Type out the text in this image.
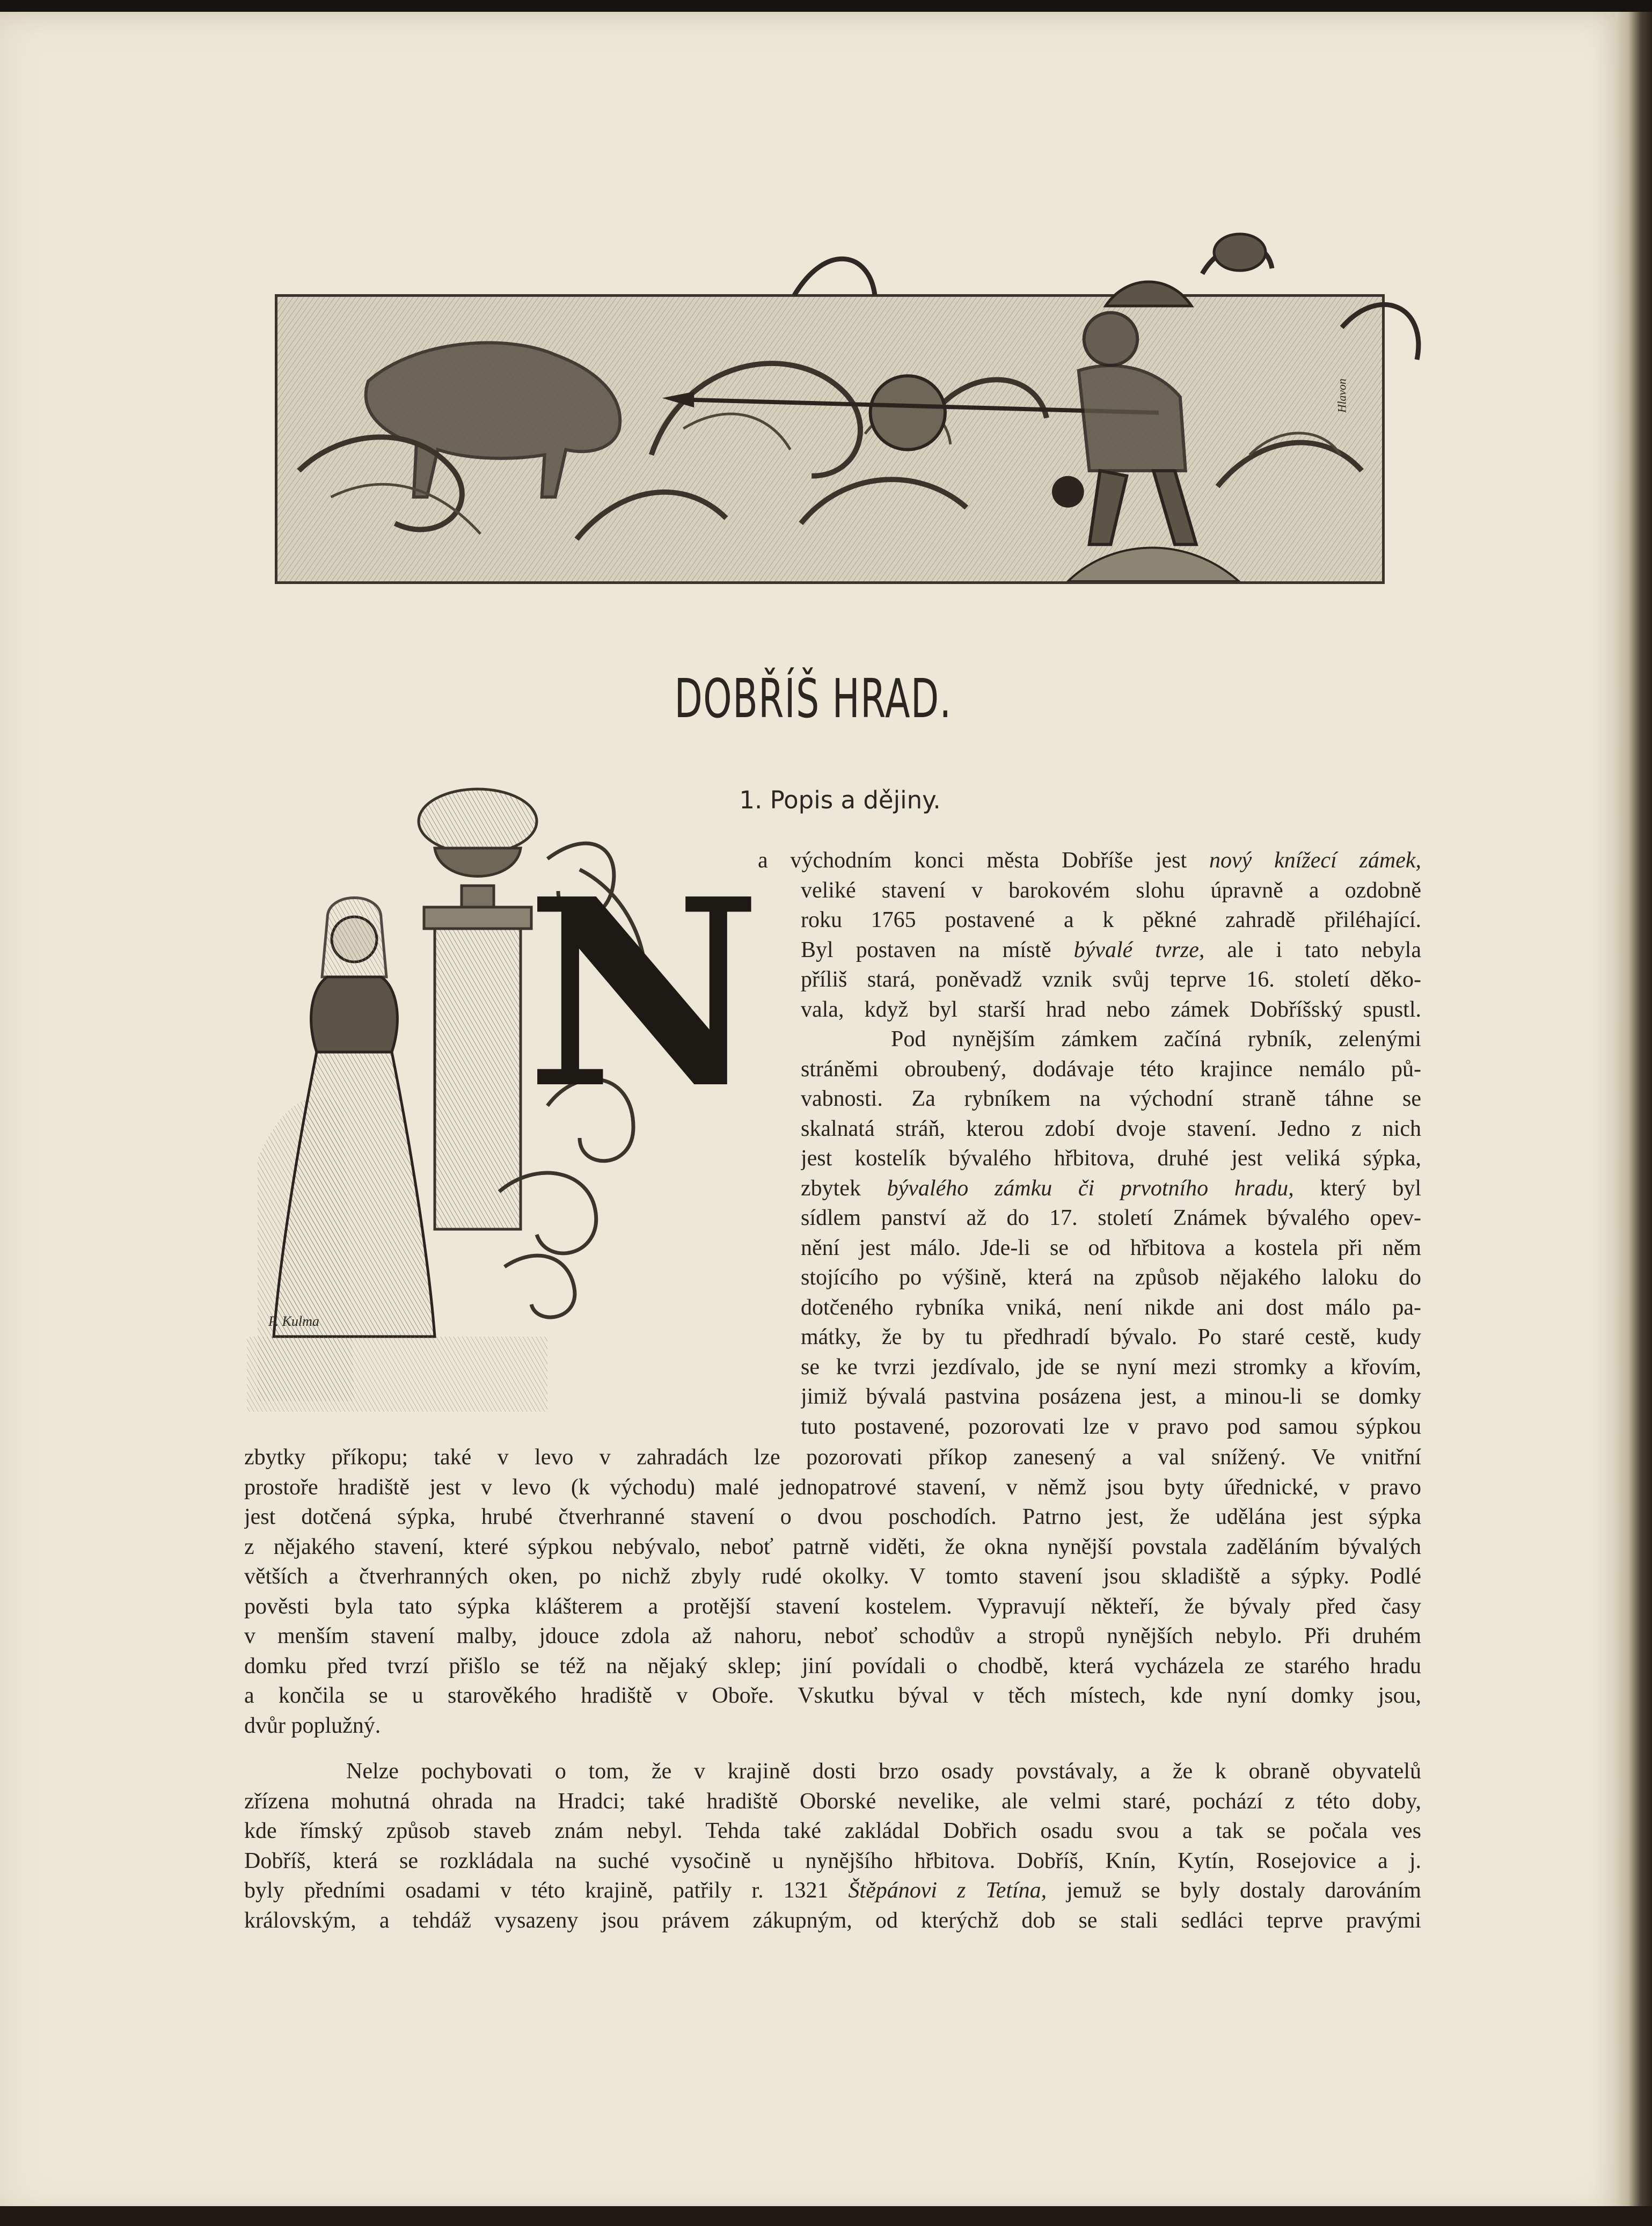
Hlavon
DOBŘÍŠ HRAD.
1. Popis a dějiny.
P. Kulma
N
a východním konci města Dobříše jest nový knížecí zámek,
veliké stavení v barokovém slohu úpravně a ozdobně
roku 1765 postavené a k pěkné zahradě přiléhající.
Byl postaven na místě bývalé tvrze, ale i tato nebyla
příliš stará, poněvadž vznik svůj teprve 16. století děko-
vala, když byl starší hrad nebo zámek Dobříšský spustl.
Pod nynějším zámkem začíná rybník, zelenými
stráněmi obroubený, dodávaje této krajince nemálo pů-
vabnosti. Za rybníkem na východní straně táhne se
skalnatá stráň, kterou zdobí dvoje stavení. Jedno z nich
jest kostelík bývalého hřbitova, druhé jest veliká sýpka,
zbytek bývalého zámku či prvotního hradu, který byl
sídlem panství až do 17. století Známek bývalého opev-
nění jest málo. Jde-li se od hřbitova a kostela při něm
stojícího po výšině, která na způsob nějakého laloku do
dotčeného rybníka vniká, není nikde ani dost málo pa-
mátky, že by tu předhradí bývalo. Po staré cestě, kudy
se ke tvrzi jezdívalo, jde se nyní mezi stromky a křovím,
jimiž bývalá pastvina posázena jest, a minou-li se domky
tuto postavené, pozorovati lze v pravo pod samou sýpkou
zbytky příkopu; také v levo v zahradách lze pozorovati příkop zanesený a val snížený. Ve vnitřní
prostoře hradiště jest v levo (k východu) malé jednopatrové stavení, v němž jsou byty úřednické, v pravo
jest dotčená sýpka, hrubé čtverhranné stavení o dvou poschodích. Patrno jest, že udělána jest sýpka
z nějakého stavení, které sýpkou nebývalo, neboť patrně viděti, že okna nynější povstala zaděláním bývalých
větších a čtverhranných oken, po nichž zbyly rudé okolky. V tomto stavení jsou skladiště a sýpky. Podlé
pověsti byla tato sýpka klášterem a protější stavení kostelem. Vypravují někteří, že bývaly před časy
v menším stavení malby, jdouce zdola až nahoru, neboť schodův a stropů nynějších nebylo. Při druhém
domku před tvrzí přišlo se též na nějaký sklep; jiní povídali o chodbě, která vycházela ze starého hradu
a končila se u starověkého hradiště v Oboře. Vskutku býval v těch místech, kde nyní domky jsou,
dvůr poplužný.
Nelze pochybovati o tom, že v krajině dosti brzo osady povstávaly, a že k obraně obyvatelů
zřízena mohutná ohrada na Hradci; také hradiště Oborské nevelike, ale velmi staré, pochází z této doby,
kde římský způsob staveb znám nebyl. Tehda také zakládal Dobřich osadu svou a tak se počala ves
Dobříš, která se rozkládala na suché vysočině u nynějšího hřbitova. Dobříš, Knín, Kytín, Rosejovice a j.
byly předními osadami v této krajině, patřily r. 1321 Štěpánovi z Tetína, jemuž se byly dostaly darováním
královským, a tehdáž vysazeny jsou právem zákupným, od kterýchž dob se stali sedláci teprve pravými
